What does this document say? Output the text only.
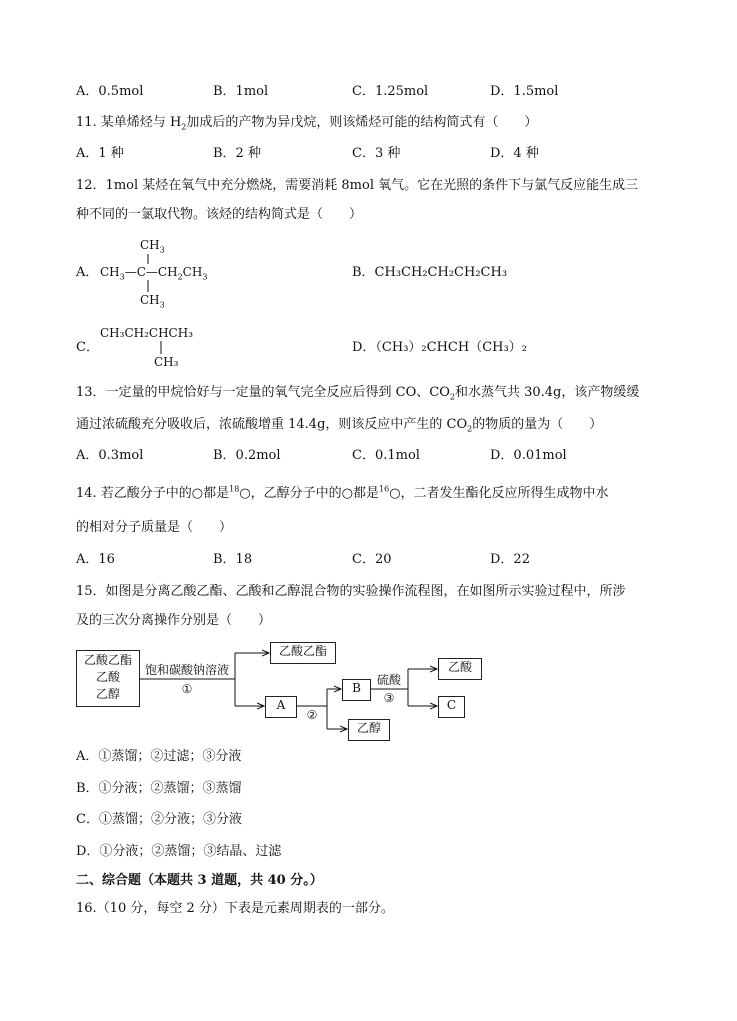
A．0.5mol	B．1mol	C．1.25mol	D．1.5mol
11. 某单烯烃与 $H_2$加成后的产物为异戊烷，则该烯烃可能的结构简式有（　　）
A．1 种	B．2 种	C．3 种	D．4 种
12．1mol 某烃在氧气中充分燃烧，需要消耗 8mol 氧气。它在光照的条件下与氯气反应能生成三
种不同的一氯取代物。该烃的结构简式是（　　）
A．
$CH_3$
$CH_3—C—CH_2CH_3$
$CH_3$
B．CH₃CH₂CH₂CH₂CH₃
C．
CH₃CH₂CHCH₃
CH₃
D．（CH₃）₂CHCH（CH₃）₂
13．一定量的甲烷恰好与一定量的氧气完全反应后得到 CO、$CO_2$和水蒸气共 30.4g，该产物缓缓
通过浓硫酸充分吸收后，浓硫酸增重 14.4g，则该反应中产生的 $CO_2$的物质的量为（　　）
A．0.3mol	B．0.2mol	C．0.1mol	D．0.01mol
14. 若乙酸分子中的○都是$^{18}$○，乙醇分子中的○都是$^{16}$○，二者发生酯化反应所得生成物中水
的相对分子质量是（　　）
A．16	B．18	C．20	D．22
15．如图是分离乙酸乙酯、乙酸和乙醇混合物的实验操作流程图，在如图所示实验过程中，所涉
及的三次分离操作分别是（　　）
乙酸乙酯
乙酸
乙醇
饱和碳酸钠溶液
①
乙酸乙酯
A
②
B
乙醇
硫酸
③
乙酸
C
A．①蒸馏；②过滤；③分液
B．①分液；②蒸馏；③蒸馏
C．①蒸馏；②分液；③分液
D．①分液；②蒸馏；③结晶、过滤
二、综合题（本题共 3 道题，共 40 分。）
16.（10 分，每空 2 分）下表是元素周期表的一部分。
